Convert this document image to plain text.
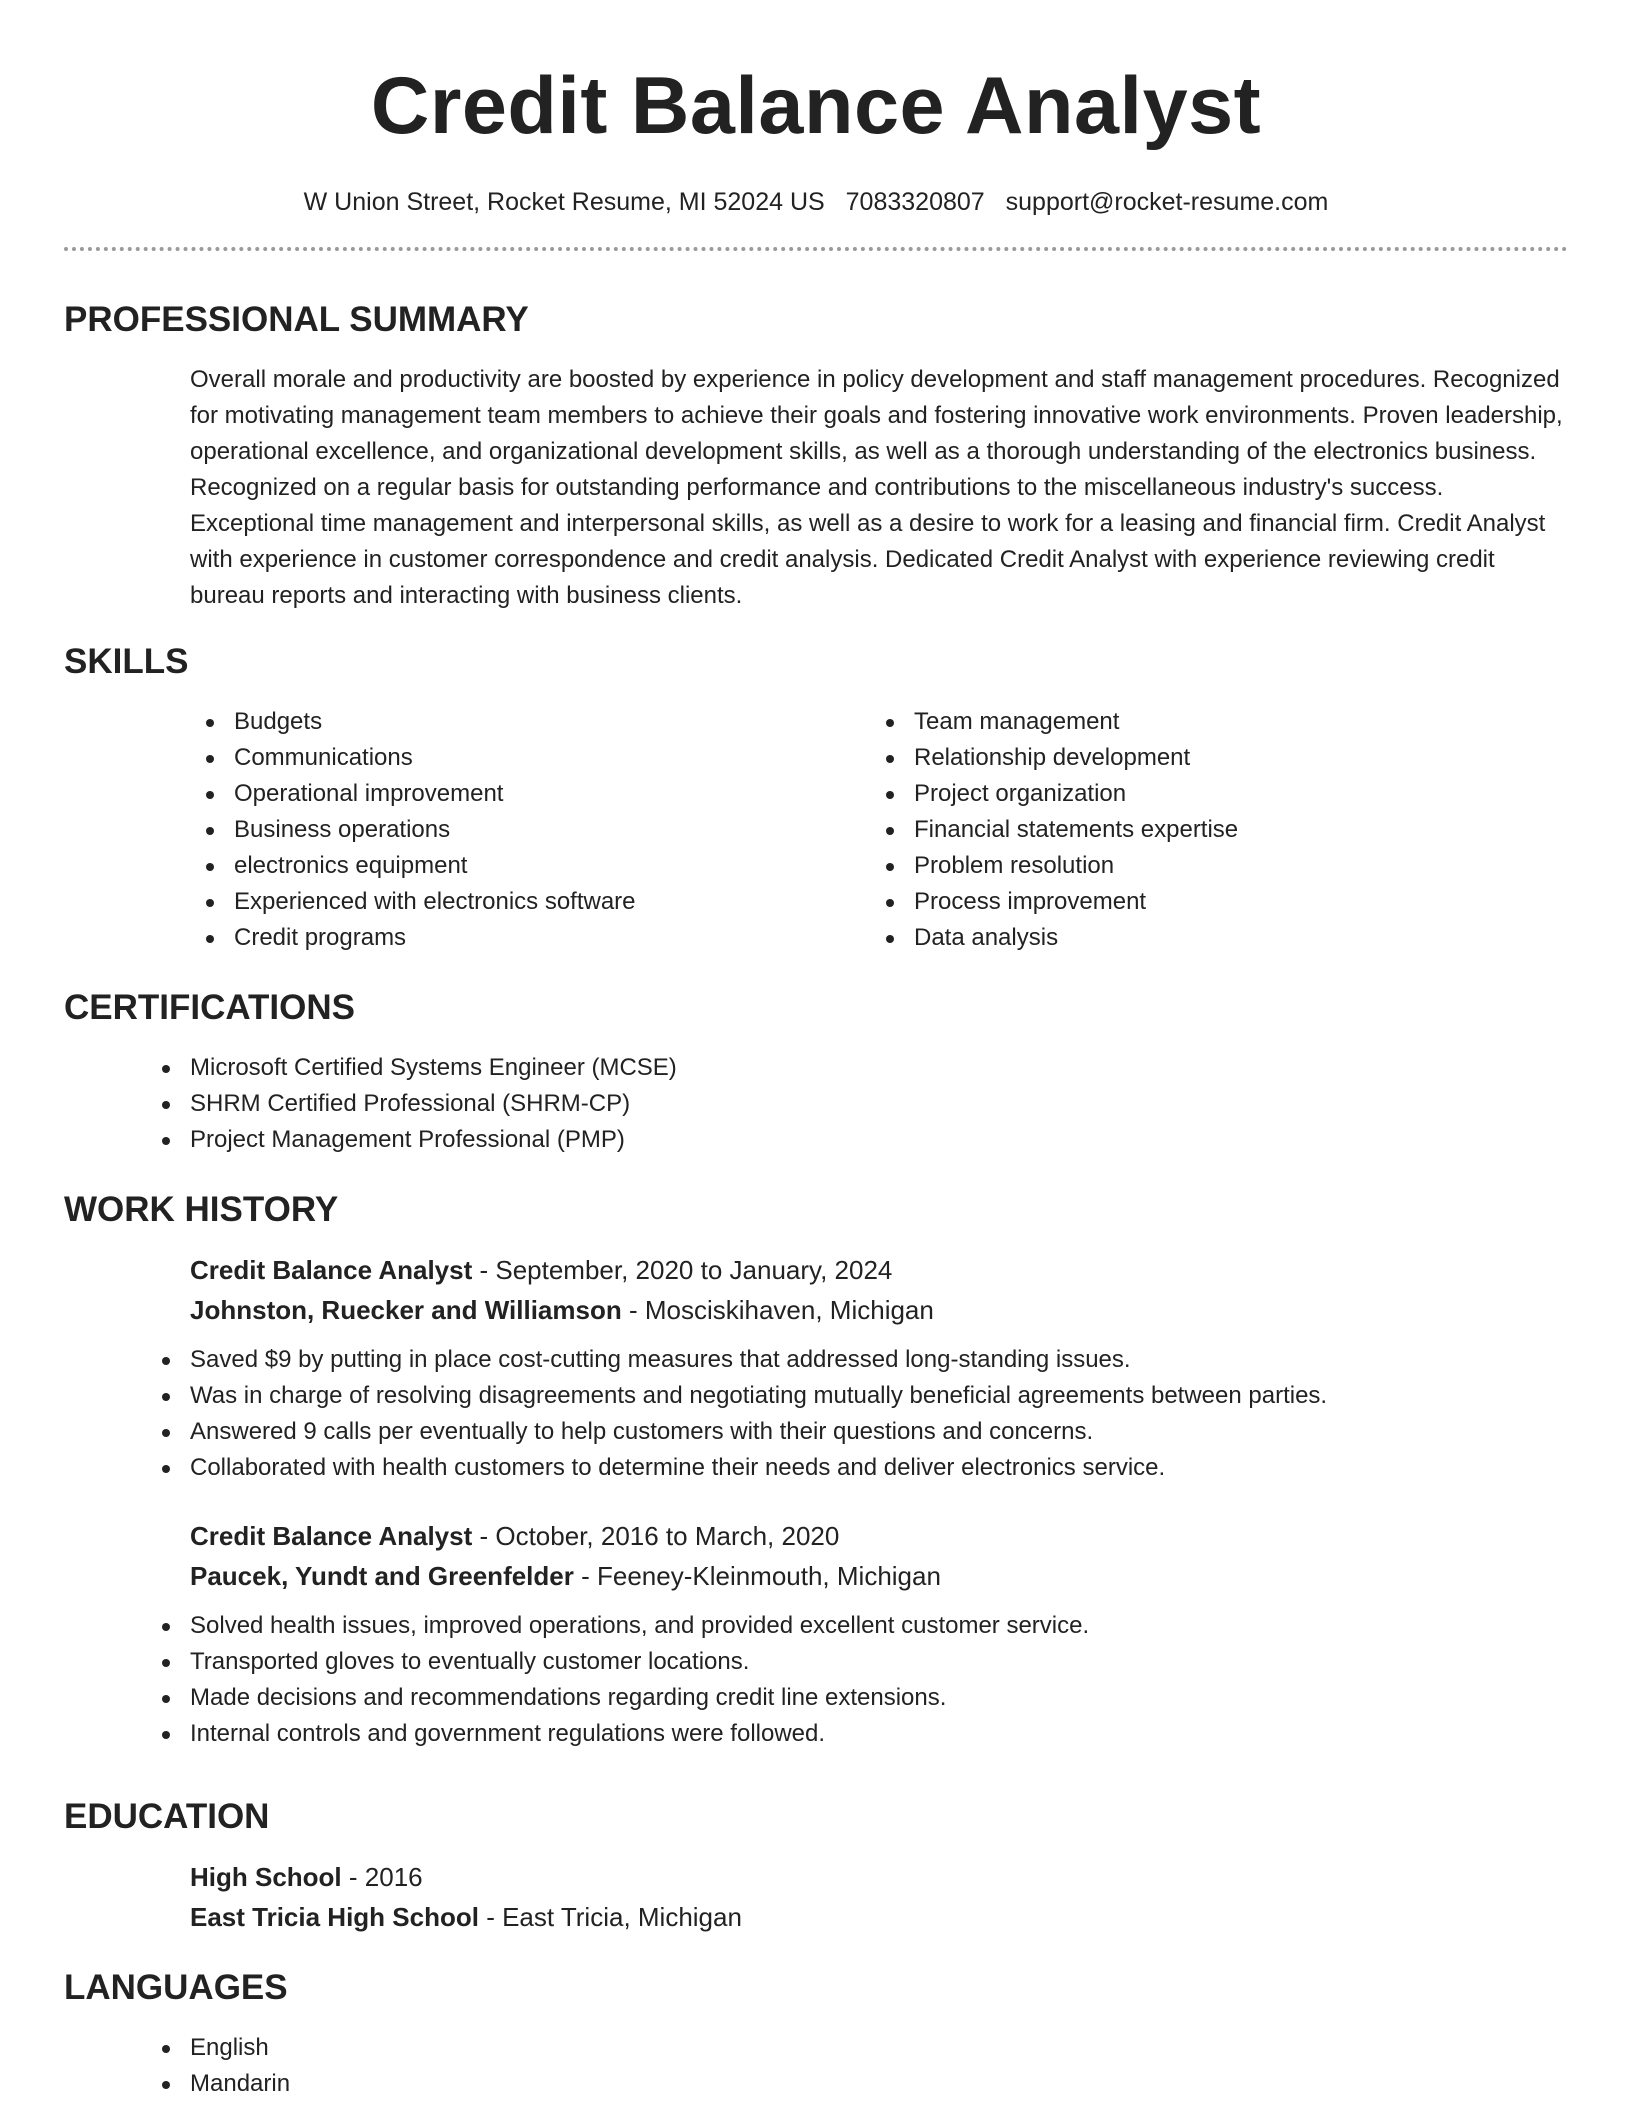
Credit Balance Analyst
W Union Street, Rocket Resume, MI 52024 US 7083320807 support@rocket-resume.com
PROFESSIONAL SUMMARY
Overall morale and productivity are boosted by experience in policy development and staff management procedures. Recognized for motivating management team members to achieve their goals and fostering innovative work environments. Proven leadership, operational excellence, and organizational development skills, as well as a thorough understanding of the electronics business. Recognized on a regular basis for outstanding performance and contributions to the miscellaneous industry's success. Exceptional time management and interpersonal skills, as well as a desire to work for a leasing and financial firm. Credit Analyst with experience in customer correspondence and credit analysis. Dedicated Credit Analyst with experience reviewing credit bureau reports and interacting with business clients.
SKILLS
Budgets
Communications
Operational improvement
Business operations
electronics equipment
Experienced with electronics software
Credit programs
Team management
Relationship development
Project organization
Financial statements expertise
Problem resolution
Process improvement
Data analysis
CERTIFICATIONS
Microsoft Certified Systems Engineer (MCSE)
SHRM Certified Professional (SHRM-CP)
Project Management Professional (PMP)
WORK HISTORY
Credit Balance Analyst - September, 2020 to January, 2024
Johnston, Ruecker and Williamson - Mosciskihaven, Michigan
Saved $9 by putting in place cost-cutting measures that addressed long-standing issues.
Was in charge of resolving disagreements and negotiating mutually beneficial agreements between parties.
Answered 9 calls per eventually to help customers with their questions and concerns.
Collaborated with health customers to determine their needs and deliver electronics service.
Credit Balance Analyst - October, 2016 to March, 2020
Paucek, Yundt and Greenfelder - Feeney-Kleinmouth, Michigan
Solved health issues, improved operations, and provided excellent customer service.
Transported gloves to eventually customer locations.
Made decisions and recommendations regarding credit line extensions.
Internal controls and government regulations were followed.
EDUCATION
High School - 2016
East Tricia High School - East Tricia, Michigan
LANGUAGES
English
Mandarin
